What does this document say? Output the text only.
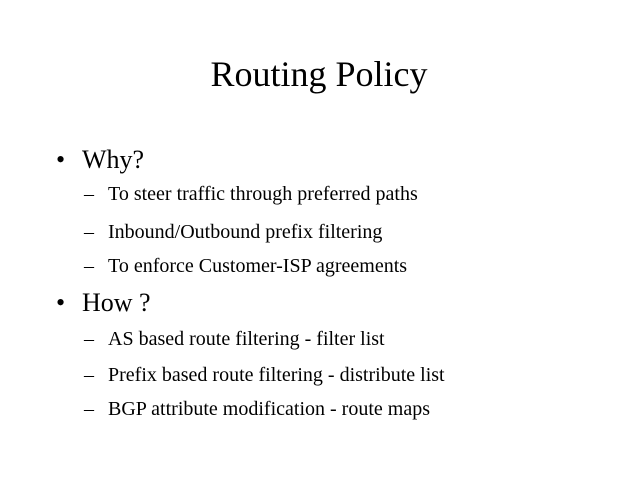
Routing Policy
• Why?
– To steer traffic through preferred paths
– Inbound/Outbound prefix filtering
– To enforce Customer-ISP agreements
• How ?
– AS based route filtering - filter list
– Prefix based route filtering - distribute list
– BGP attribute modification - route maps
